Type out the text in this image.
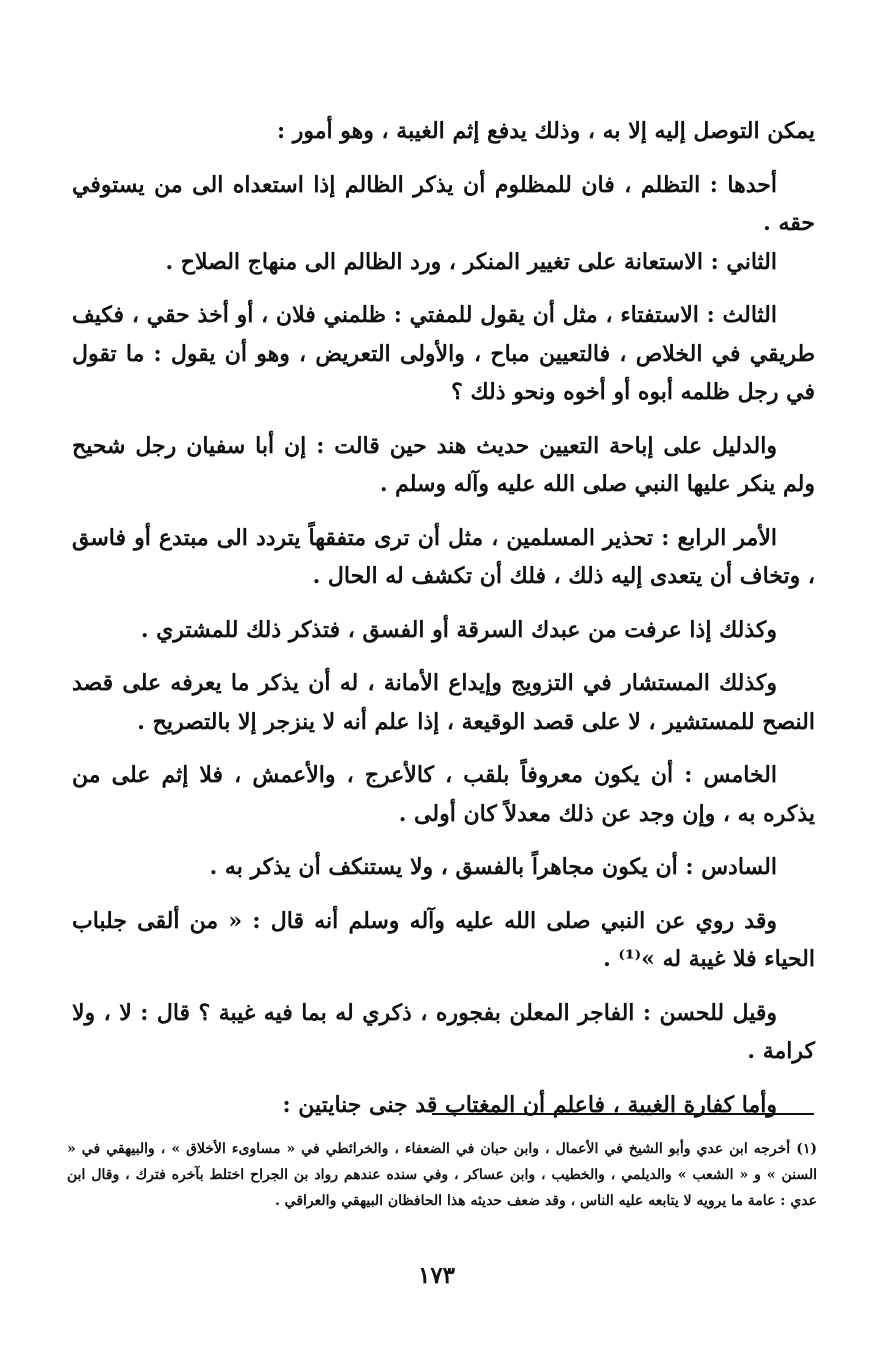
يمكن التوصل إليه إلا به ، وذلك يدفع إثم الغيبة ، وهو أمور :

أحدها : التظلم ، فان للمظلوم أن يذكر الظالم إذا استعداه الى من يستوفي حقه .

الثاني : الاستعانة على تغيير المنكر ، ورد الظالم الى منهاج الصلاح .

الثالث : الاستفتاء ، مثل أن يقول للمفتي : ظلمني فلان ، أو أخذ حقي ، فكيف طريقي في الخلاص ، فالتعيين مباح ، والأولى التعريض ، وهو أن يقول : ما تقول في رجل ظلمه أبوه أو أخوه ونحو ذلك ؟

والدليل على إباحة التعيين حديث هند حين قالت : إن أبا سفيان رجل شحيح ولم ينكر عليها النبي صلى الله عليه وآله وسلم .

الأمر الرابع : تحذير المسلمين ، مثل أن ترى متفقهاً يتردد الى مبتدع أو فاسق ، وتخاف أن يتعدى إليه ذلك ، فلك أن تكشف له الحال .

وكذلك إذا عرفت من عبدك السرقة أو الفسق ، فتذكر ذلك للمشتري .

وكذلك المستشار في التزويج وإيداع الأمانة ، له أن يذكر ما يعرفه على قصد النصح للمستشير ، لا على قصد الوقيعة ، إذا علم أنه لا ينزجر إلا بالتصريح .

الخامس : أن يكون معروفاً بلقب ، كالأعرج ، والأعمش ، فلا إثم على من يذكره به ، وإن وجد عن ذلك معدلاً كان أولى .

السادس : أن يكون مجاهراً بالفسق ، ولا يستنكف أن يذكر به .

وقد روي عن النبي صلى الله عليه وآله وسلم أنه قال : « من ألقى جلباب الحياء فلا غيبة له »⁽¹⁾ .

وقيل للحسن : الفاجر المعلن بفجوره ، ذكري له بما فيه غيبة ؟ قال : لا ، ولا كرامة .

وأما كفارة الغيبة ، فاعلم أن المغتاب قد جنى جنايتين :

(١) أخرجه ابن عدي وأبو الشيخ في الأعمال ، وابن حبان في الضعفاء ، والخرائطي في « مساوىء الأخلاق » ، والبيهقي في « السنن » و « الشعب » والديلمي ، والخطيب ، وابن عساكر ، وفي سنده عندهم رواد بن الجراح اختلط بآخره فترك ، وقال ابن عدي : عامة ما يرويه لا يتابعه عليه الناس ، وقد ضعف حديثه هذا الحافظان البيهقي والعراقي .

١٧٣
